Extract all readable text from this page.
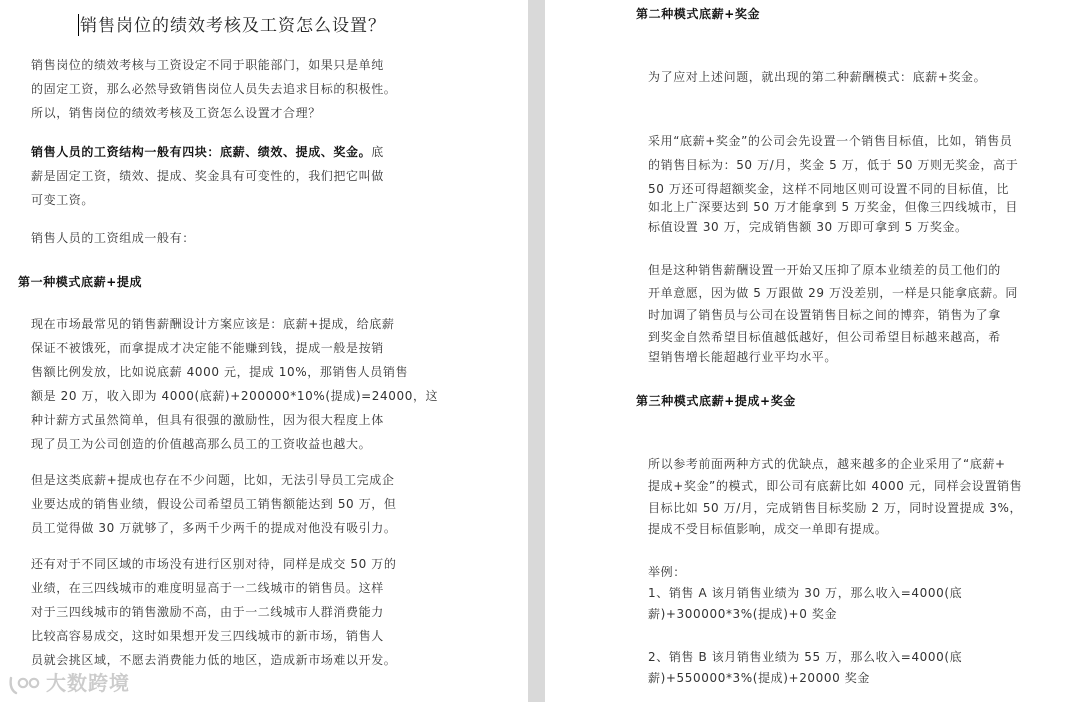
销售岗位的绩效考核及工资怎么设置？
销售岗位的绩效考核与工资设定不同于职能部门，如果只是单纯
的固定工资，那么必然导致销售岗位人员失去追求目标的积极性。
所以，销售岗位的绩效考核及工资怎么设置才合理？
销售人员的工资结构一般有四块：底薪、绩效、提成、奖金。底
薪是固定工资，绩效、提成、奖金具有可变性的，我们把它叫做
可变工资。
销售人员的工资组成一般有：
第一种模式底薪+提成
现在市场最常见的销售薪酬设计方案应该是：底薪+提成，给底薪
保证不被饿死，而拿提成才决定能不能赚到钱，提成一般是按销
售额比例发放，比如说底薪 4000 元，提成 10%，那销售人员销售
额是 20 万，收入即为 4000(底薪)+200000*10%(提成)=24000，这
种计薪方式虽然简单，但具有很强的激励性，因为很大程度上体
现了员工为公司创造的价值越高那么员工的工资收益也越大。
但是这类底薪+提成也存在不少问题，比如，无法引导员工完成企
业要达成的销售业绩，假设公司希望员工销售额能达到 50 万，但
员工觉得做 30 万就够了，多两千少两千的提成对他没有吸引力。
还有对于不同区域的市场没有进行区别对待，同样是成交 50 万的
业绩，在三四线城市的难度明显高于一二线城市的销售员。这样
对于三四线城市的销售激励不高，由于一二线城市人群消费能力
比较高容易成交，这时如果想开发三四线城市的新市场，销售人
员就会挑区域，不愿去消费能力低的地区，造成新市场难以开发。
大数跨境
第二种模式底薪+奖金
为了应对上述问题，就出现的第二种薪酬模式：底薪+奖金。
采用“底薪+奖金”的公司会先设置一个销售目标值，比如，销售员
的销售目标为：50 万/月，奖金 5 万，低于 50 万则无奖金，高于
50 万还可得超额奖金，这样不同地区则可设置不同的目标值，比
如北上广深要达到 50 万才能拿到 5 万奖金，但像三四线城市，目
标值设置 30 万，完成销售额 30 万即可拿到 5 万奖金。
但是这种销售薪酬设置一开始又压抑了原本业绩差的员工他们的
开单意愿，因为做 5 万跟做 29 万没差别，一样是只能拿底薪。同
时加调了销售员与公司在设置销售目标之间的博弈，销售为了拿
到奖金自然希望目标值越低越好，但公司希望目标越来越高，希
望销售增长能超越行业平均水平。
第三种模式底薪+提成+奖金
所以参考前面两种方式的优缺点，越来越多的企业采用了“底薪+
提成+奖金”的模式，即公司有底薪比如 4000 元，同样会设置销售
目标比如 50 万/月，完成销售目标奖励 2 万，同时设置提成 3%，
提成不受目标值影响，成交一单即有提成。
举例：
1、销售 A 该月销售业绩为 30 万，那么收入=4000(底
薪)+300000*3%(提成)+0 奖金
2、销售 B 该月销售业绩为 55 万，那么收入=4000(底
薪)+550000*3%(提成)+20000 奖金
